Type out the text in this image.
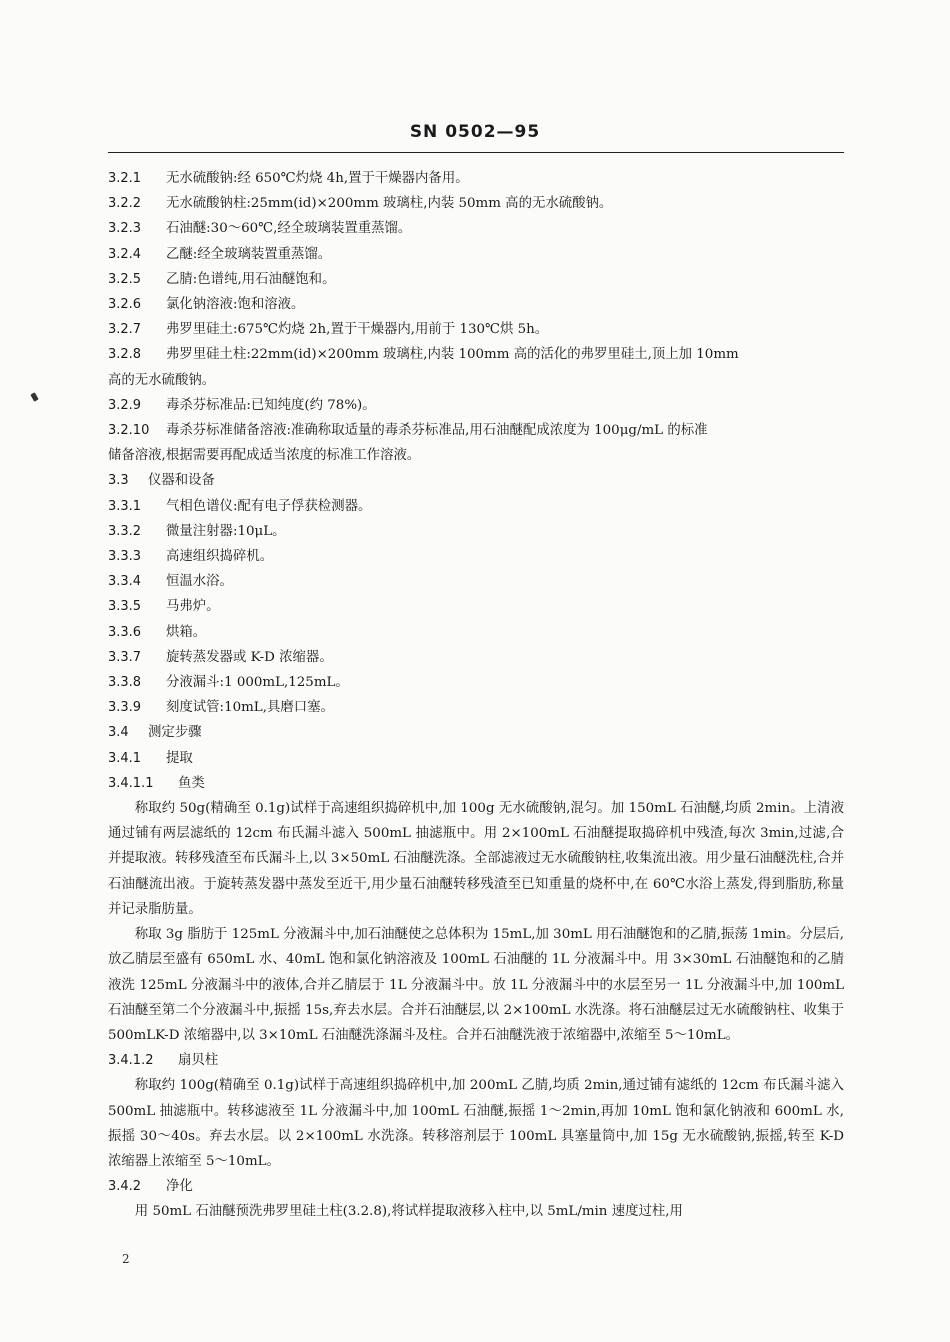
SN 0502—95
3.2.1 无水硫酸钠:经 650℃灼烧 4h,置于干燥器内备用。
3.2.2 无水硫酸钠柱:25mm(id)×200mm 玻璃柱,内装 50mm 高的无水硫酸钠。
3.2.3 石油醚:30～60℃,经全玻璃装置重蒸馏。
3.2.4 乙醚:经全玻璃装置重蒸馏。
3.2.5 乙腈:色谱纯,用石油醚饱和。
3.2.6 氯化钠溶液:饱和溶液。
3.2.7 弗罗里硅土:675℃灼烧 2h,置于干燥器内,用前于 130℃烘 5h。
3.2.8 弗罗里硅土柱:22mm(id)×200mm 玻璃柱,内装 100mm 高的活化的弗罗里硅土,顶上加 10mm
高的无水硫酸钠。
3.2.9 毒杀芬标准品:已知纯度(约 78%)。
3.2.10 毒杀芬标准储备溶液:准确称取适量的毒杀芬标准品,用石油醚配成浓度为 100μg/mL 的标准
储备溶液,根据需要再配成适当浓度的标准工作溶液。
3.3 仪器和设备
3.3.1 气相色谱仪:配有电子俘获检测器。
3.3.2 微量注射器:10μL。
3.3.3 高速组织捣碎机。
3.3.4 恒温水浴。
3.3.5 马弗炉。
3.3.6 烘箱。
3.3.7 旋转蒸发器或 K-D 浓缩器。
3.3.8 分液漏斗:1 000mL,125mL。
3.3.9 刻度试管:10mL,具磨口塞。
3.4 测定步骤
3.4.1 提取
3.4.1.1 鱼类
称取约 50g(精确至 0.1g)试样于高速组织捣碎机中,加 100g 无水硫酸钠,混匀。加 150mL 石油醚,均质 2min。上清液通过铺有两层滤纸的 12cm 布氏漏斗滤入 500mL 抽滤瓶中。用 2×100mL 石油醚提取捣碎机中残渣,每次 3min,过滤,合并提取液。转移残渣至布氏漏斗上,以 3×50mL 石油醚洗涤。全部滤液过无水硫酸钠柱,收集流出液。用少量石油醚洗柱,合并石油醚流出液。于旋转蒸发器中蒸发至近干,用少量石油醚转移残渣至已知重量的烧杯中,在 60℃水浴上蒸发,得到脂肪,称量并记录脂肪量。
称取 3g 脂肪于 125mL 分液漏斗中,加石油醚使之总体积为 15mL,加 30mL 用石油醚饱和的乙腈,振荡 1min。分层后,放乙腈层至盛有 650mL 水、40mL 饱和氯化钠溶液及 100mL 石油醚的 1L 分液漏斗中。用 3×30mL 石油醚饱和的乙腈液洗 125mL 分液漏斗中的液体,合并乙腈层于 1L 分液漏斗中。放 1L 分液漏斗中的水层至另一 1L 分液漏斗中,加 100mL 石油醚至第二个分液漏斗中,振摇 15s,弃去水层。合并石油醚层,以 2×100mL 水洗涤。将石油醚层过无水硫酸钠柱、收集于 500mLK-D 浓缩器中,以 3×10mL 石油醚洗涤漏斗及柱。合并石油醚洗液于浓缩器中,浓缩至 5～10mL。
3.4.1.2 扇贝柱
称取约 100g(精确至 0.1g)试样于高速组织捣碎机中,加 200mL 乙腈,均质 2min,通过铺有滤纸的 12cm 布氏漏斗滤入 500mL 抽滤瓶中。转移滤液至 1L 分液漏斗中,加 100mL 石油醚,振摇 1～2min,再加 10mL 饱和氯化钠液和 600mL 水,振摇 30～40s。弃去水层。以 2×100mL 水洗涤。转移溶剂层于 100mL 具塞量筒中,加 15g 无水硫酸钠,振摇,转至 K-D 浓缩器上浓缩至 5～10mL。
3.4.2 净化
用 50mL 石油醚预洗弗罗里硅土柱(3.2.8),将试样提取液移入柱中,以 5mL/min 速度过柱,用
2
